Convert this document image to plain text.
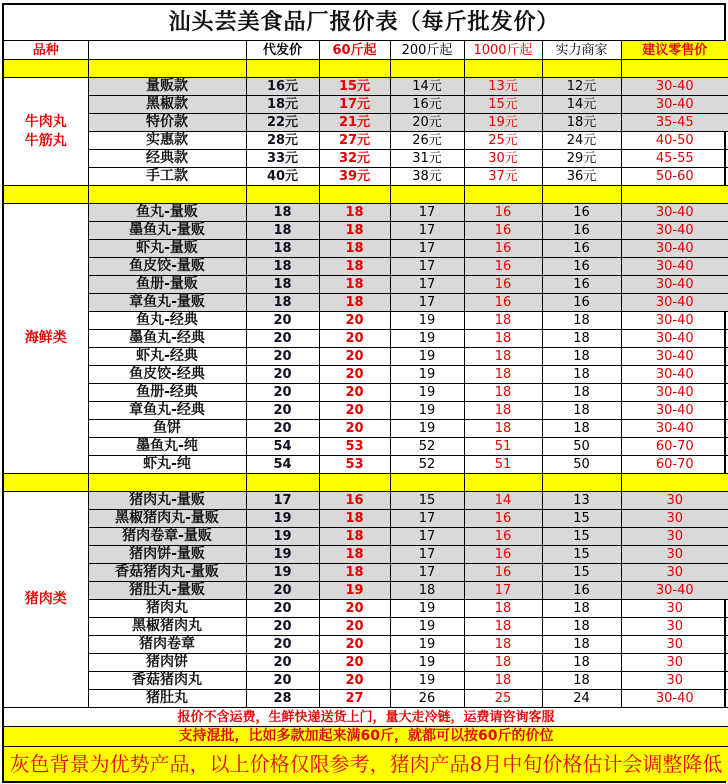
汕头芸美食品厂报价表（每斤批发价）
品种		代发价	60斤起	200斤起	1000斤起	实力商家	建议零售价

牛肉丸
牛筋丸	量贩款	16元	15元	14元	13元	12元	30-40
	黑椒款	18元	17元	16元	15元	14元	30-40
	特价款	22元	21元	20元	19元	18元	35-45
	实惠款	28元	27元	26元	25元	24元	40-50
	经典款	33元	32元	31元	30元	29元	45-55
	手工款	40元	39元	38元	37元	36元	50-60

海鲜类	鱼丸-量贩	18	18	17	16	16	30-40
	墨鱼丸-量贩	18	18	17	16	16	30-40
	虾丸-量贩	18	18	17	16	16	30-40
	鱼皮饺-量贩	18	18	17	16	16	30-40
	鱼册-量贩	18	18	17	16	16	30-40
	章鱼丸-量贩	18	18	17	16	16	30-40
	鱼丸-经典	20	20	19	18	18	30-40
	墨鱼丸-经典	20	20	19	18	18	30-40
	虾丸-经典	20	20	19	18	18	30-40
	鱼皮饺-经典	20	20	19	18	18	30-40
	鱼册-经典	20	20	19	18	18	30-40
	章鱼丸-经典	20	20	19	18	18	30-40
	鱼饼	20	20	19	18	18	30-40
	墨鱼丸-纯	54	53	52	51	50	60-70
	虾丸-纯	54	53	52	51	50	60-70

猪肉类	猪肉丸-量贩	17	16	15	14	13	30
	黑椒猪肉丸-量贩	19	18	17	16	15	30
	猪肉卷章-量贩	19	18	17	16	15	30
	猪肉饼-量贩	19	18	17	16	15	30
	香菇猪肉丸-量贩	19	18	17	16	15	30
	猪肚丸-量贩	20	19	18	17	16	30-40
	猪肉丸	20	20	19	18	18	30
	黑椒猪肉丸	20	20	19	18	18	30
	猪肉卷章	20	20	19	18	18	30
	猪肉饼	20	20	19	18	18	30
	香菇猪肉丸	20	20	19	18	18	30
	猪肚丸	28	27	26	25	24	30-40
报价不含运费，生鲜快递送货上门，量大走冷链，运费请咨询客服							
支持混批，比如多款加起来满60斤，就都可以按60斤的价位							
灰色背景为优势产品，以上价格仅限参考，猪肉产品8月中旬价格估计会调整降低							
